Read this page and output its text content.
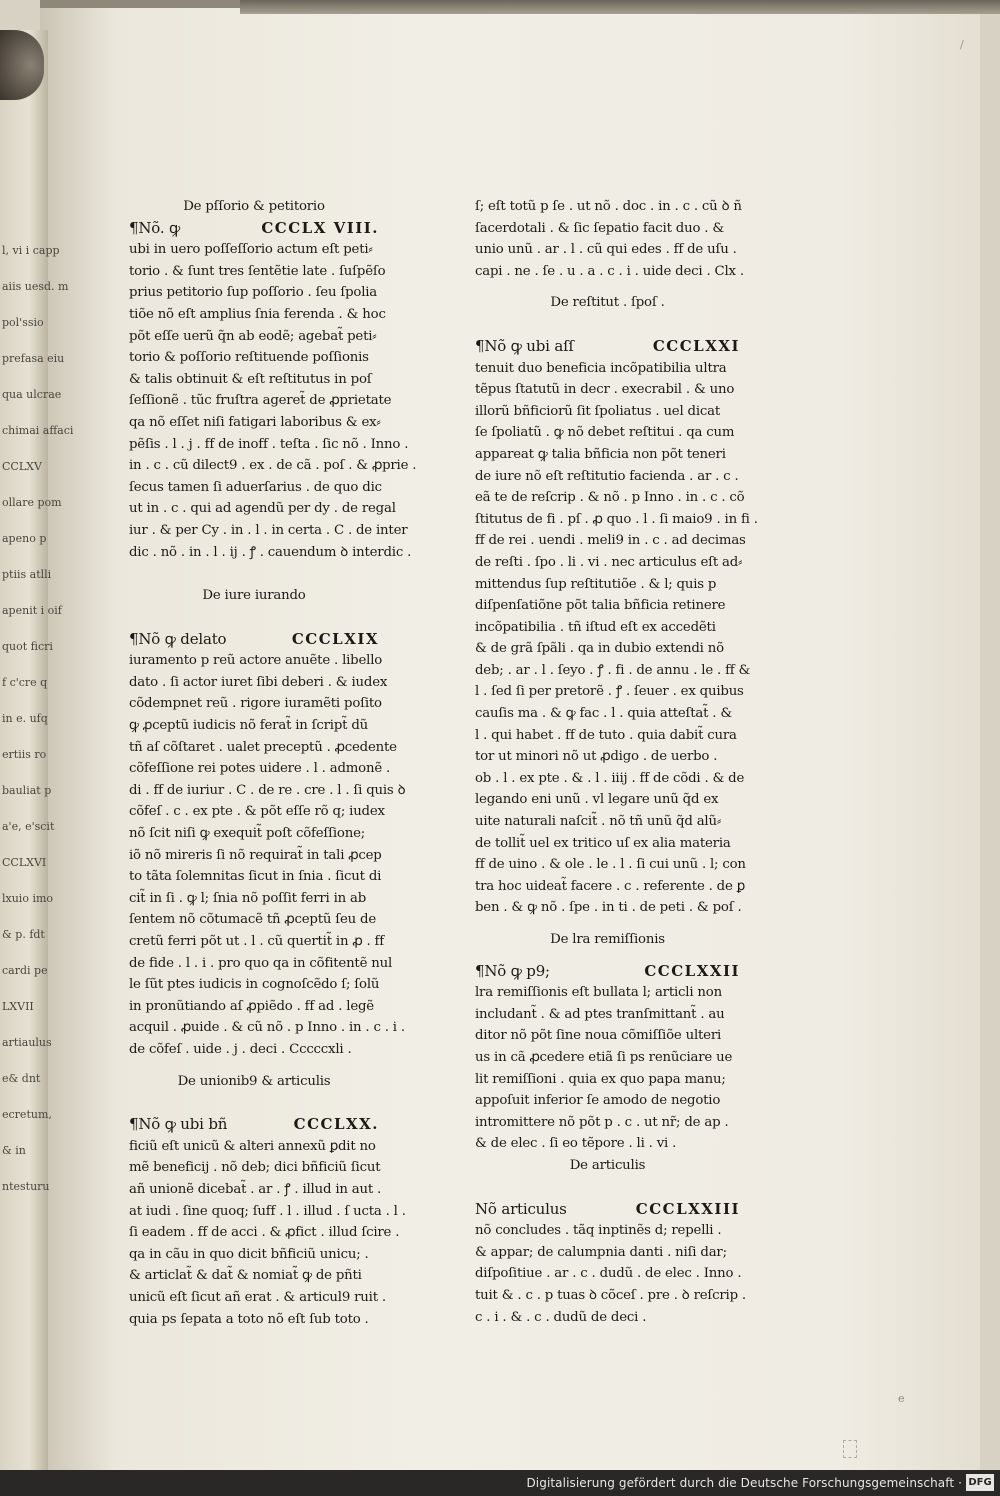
l, vi i capp
aiis uesd. m
pol'ssio
prefasa eiu
qua ulcrae
chimai affaci
CCLXV
ollare pom
apeno p
ptiis atlli
apenit i oif
quot ficri
f c'cre q
in e. ufq
ertiis ro
bauliat p
a'e, e'scit
CCLXVI
lxuio imo
& p. fdt
cardi pe
LXVII
artiaulus
e& dnt
ecretum,
& in
ntesturu
De pſſorio & petitorio
¶Nõ. ꝙ	CCCLX VIII.
ubi in uero poſſeſſorio actum eſt peti⸗
torio . & ſunt tres ſentẽtie late . ſuſpẽſo
prius petitorio ſup poſſorio . ſeu ſpolia
tiõe nõ eſt amplius ſnia ferenda . & hoc
põt eſſe uerũ q̃n ab eodẽ; agebat̃ peti⸗
torio & poſſorio reſtituende poſſionis
& talis obtinuit & eſt reſtitutus in poſ
ſeſſionẽ . tũc fruſtra ageret̃ de ꝓprietate
qa nõ eſſet niſi fatigari laboribus & ex⸗
pẽſis . l . j . ff de inoff . teſta . ſic nõ . Inno .
in . c . cũ dilect9 . ex . de cã . poſ . & ꝓprie .
ſecus tamen ſi aduerſarius . de quo dic
ut in . c . qui ad agendũ per dy . de regal
iur . & per Cy . in . l . in certa . C . de inter
dic . nõ . in . l . ij . ꝭ . cauendum ꝺ interdic .
De iure iurando
¶Nõ ꝙ delato	CCCLXIX
iuramento p reũ actore anuẽte . libello
dato . ſi actor iuret ſibi deberi . & iudex
cõdempnet reũ . rigore iuramẽti poſito
ꝙ ꝓceptũ iudicis nõ ferat̃ in ſcript̃ dũ
tñ aſ cõſtaret . ualet preceptũ . ꝓcedente
cõfeſſione rei potes uidere . l . admonẽ .
di . ff de iuriur . C . de re . cre . l . ſi quis ꝺ
cõfeſ . c . ex pte . & põt eſſe rõ q; iudex
nõ ſcit niſi ꝙ exequit̃ poſt cõfeſſione;
iõ nõ mireris ſi nõ requirat̃ in tali ꝓcep
to tãta ſolemnitas ſicut in ſnia . ſicut di
cit̃ in ſi . ꝙ l; ſnia nõ poſſit ferri in ab
ſentem nõ cõtumacẽ tñ ꝓceptũ ſeu de
cretũ ferri põt ut . l . cũ quertit̃ in ꝓ . ff
de fide . l . i . pro quo qa in cõfitentẽ nul
le ſũt ptes iudicis in cognoſcẽdo ſ; ſolũ
in pronũtiando aſ ꝓpiẽdo . ff ad . legẽ
acquil . ꝓuide . & cũ nõ . p Inno . in . c . i .
de cõfeſ . uide . j . deci . Cccccxli .
De unionib9 & articulis
¶Nõ ꝙ ubi bñ	CCCLXX.
ficiũ eſt unicũ & alteri annexũ ꝑdit no
mẽ beneficij . nõ deb; dici bñficiũ ſicut
añ unionẽ dicebat̃ . ar . ꝭ . illud in aut .
at iudi . ſine quoq; ſuff . l . illud . ſ ucta . l .
ſi eadem . ff de acci . & ꝓfict . illud ſcire .
qa in cãu in quo dicit bñficiũ unicu; .
& articlat̃ & dat̃ & nomiat̃ ꝙ de pñti
unicũ eſt ſicut añ erat . & articul9 ruit .
quia ps ſepata a toto nõ eſt ſub toto .
ſ; eſt totũ p ſe . ut nõ . doc . in . c . cũ ꝺ ñ
ſacerdotali . & ſic ſepatio facit duo . &
unio unũ . ar . l . cũ qui edes . ff de uſu .
capi . ne . ſe . u . a . c . i . uide deci . Clx .
De reſtitut . ſpoſ .
¶Nõ ꝙ ubi aſſ	CCCLXXI
tenuit duo beneficia incõpatibilia ultra
tẽpus ſtatutũ in decr . execrabil . & uno
illorũ bñficiorũ ſit ſpoliatus . uel dicat
ſe ſpoliatũ . ꝙ nõ debet reſtitui . qa cum
appareat ꝙ talia bñficia non põt teneri
de iure nõ eſt reſtitutio facienda . ar . c .
eã te de reſcrip . & nõ . p Inno . in . c . cõ
ſtitutus de fi . pſ . ꝓ quo . l . ſi maio9 . in fi .
ff de rei . uendi . meli9 in . c . ad decimas
de reſti . ſpo . li . vi . nec articulus eſt ad⸗
mittendus ſup reſtitutiõe . & l; quis p
diſpenſatiõne põt talia bñficia retinere
incõpatibilia . tñ iſtud eſt ex accedẽti
& de grã ſpãli . qa in dubio extendi nõ
deb; . ar . l . ſeyo . ꝭ . fi . de annu . le . ff &
l . ſed ſi per pretorẽ . ꝭ . ſeuer . ex quibus
cauſis ma . & ꝙ fac . l . quia atteſtat̃ . &
l . qui habet . ff de tuto . quia dabit̃ cura
tor ut minori nõ ut ꝓdigo . de uerbo .
ob . l . ex pte . & . l . iiij . ff de cõdi . & de
legando eni unũ . vl legare unũ q̃d ex
uite naturali naſcit̃ . nõ tñ unũ q̃d alũ⸗
de tollit̃ uel ex tritico uſ ex alia materia
ff de uino . & ole . le . l . ſi cui unũ . l; con
tra hoc uideat̃ facere . c . referente . de ꝑ
ben . & ꝙ nõ . ſpe . in ti . de peti . & poſ .
De lra remiſſionis
¶Nõ ꝙ p9;	CCCLXXII
lra remiſſionis eſt bullata l; articli non
includant̃ . & ad ptes tranſmittant̃ . au
ditor nõ põt ſine noua cõmiſſiõe ulteri
us in cã ꝓcedere etiã ſi ps renũciare ue
lit remiſſioni . quia ex quo papa manu;
appoſuit inferior ſe amodo de negotio
intromittere nõ põt p . c . ut nr̃; de ap .
& de elec . ſi eo tẽpore . li . vi .
De articulis
Nõ articulus	CCCLXXIII
nõ concludes . tãq inptinẽs d; repelli .
& appar; de calumpnia danti . niſi dar;
diſpoſitiue . ar . c . dudũ . de elec . Inno .
tuit & . c . p tuas ꝺ cõceſ . pre . ꝺ reſcrip .
c . i . & . c . dudũ de deci .
e
/
Digitalisierung gefördert durch die Deutsche Forschungsgemeinschaft · DFG
